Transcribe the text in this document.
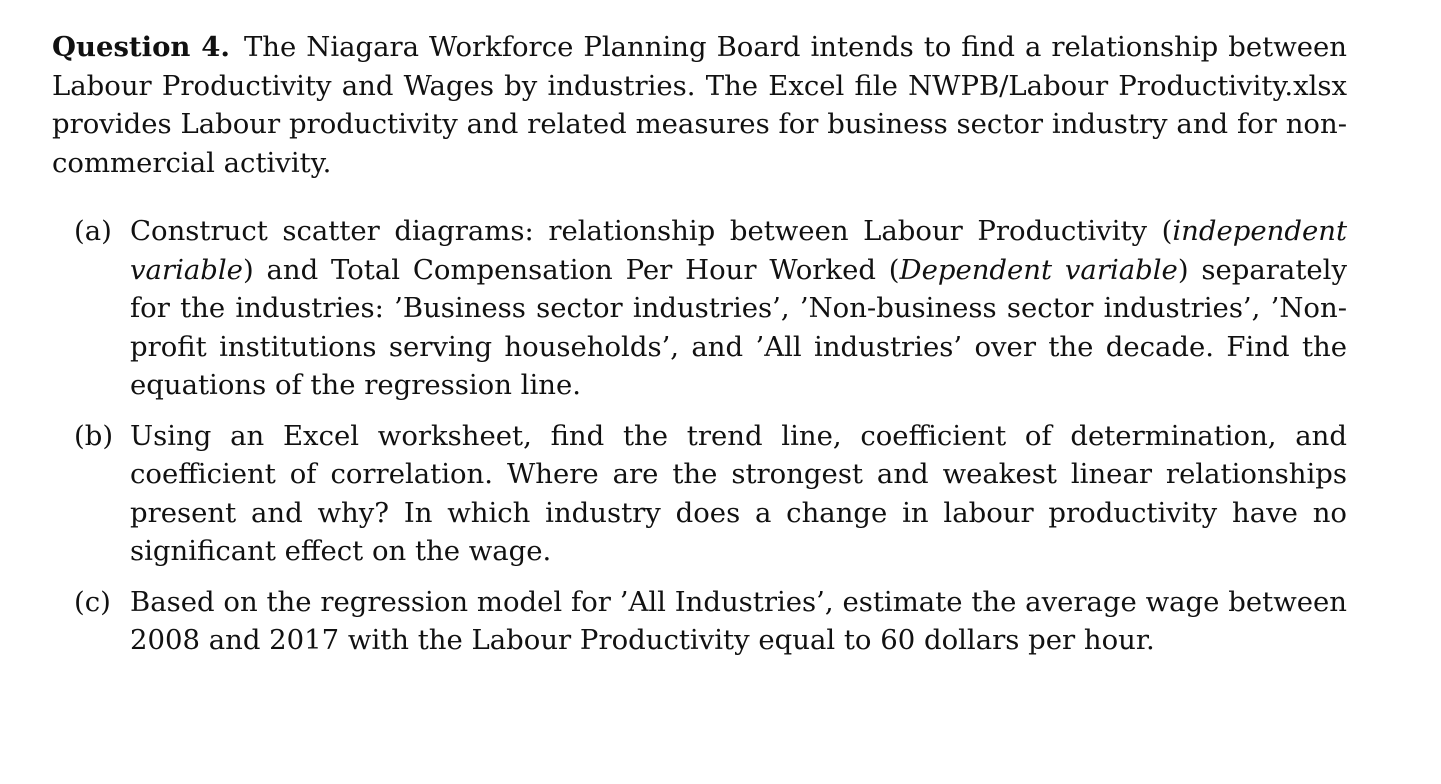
Question 4. The Niagara Workforce Planning Board intends to find a relationship between Labour Productivity and Wages by industries. The Excel file NWPB/Labour Productivity.xlsx provides Labour productivity and related measures for business sector industry and for non-commercial activity.

(a) Construct scatter diagrams: relationship between Labour Productivity (independent variable) and Total Compensation Per Hour Worked (Dependent variable) separately for the industries: ’Business sector industries’, ’Non-business sector industries’, ’Non-profit institutions serving households’, and ’All industries’ over the decade. Find the equations of the regression line.
(b) Using an Excel worksheet, find the trend line, coefficient of determination, and coefficient of correlation. Where are the strongest and weakest linear relationships present and why? In which industry does a change in labour productivity have no significant effect on the wage.
(c) Based on the regression model for ’All Industries’, estimate the average wage between 2008 and 2017 with the Labour Productivity equal to 60 dollars per hour.
